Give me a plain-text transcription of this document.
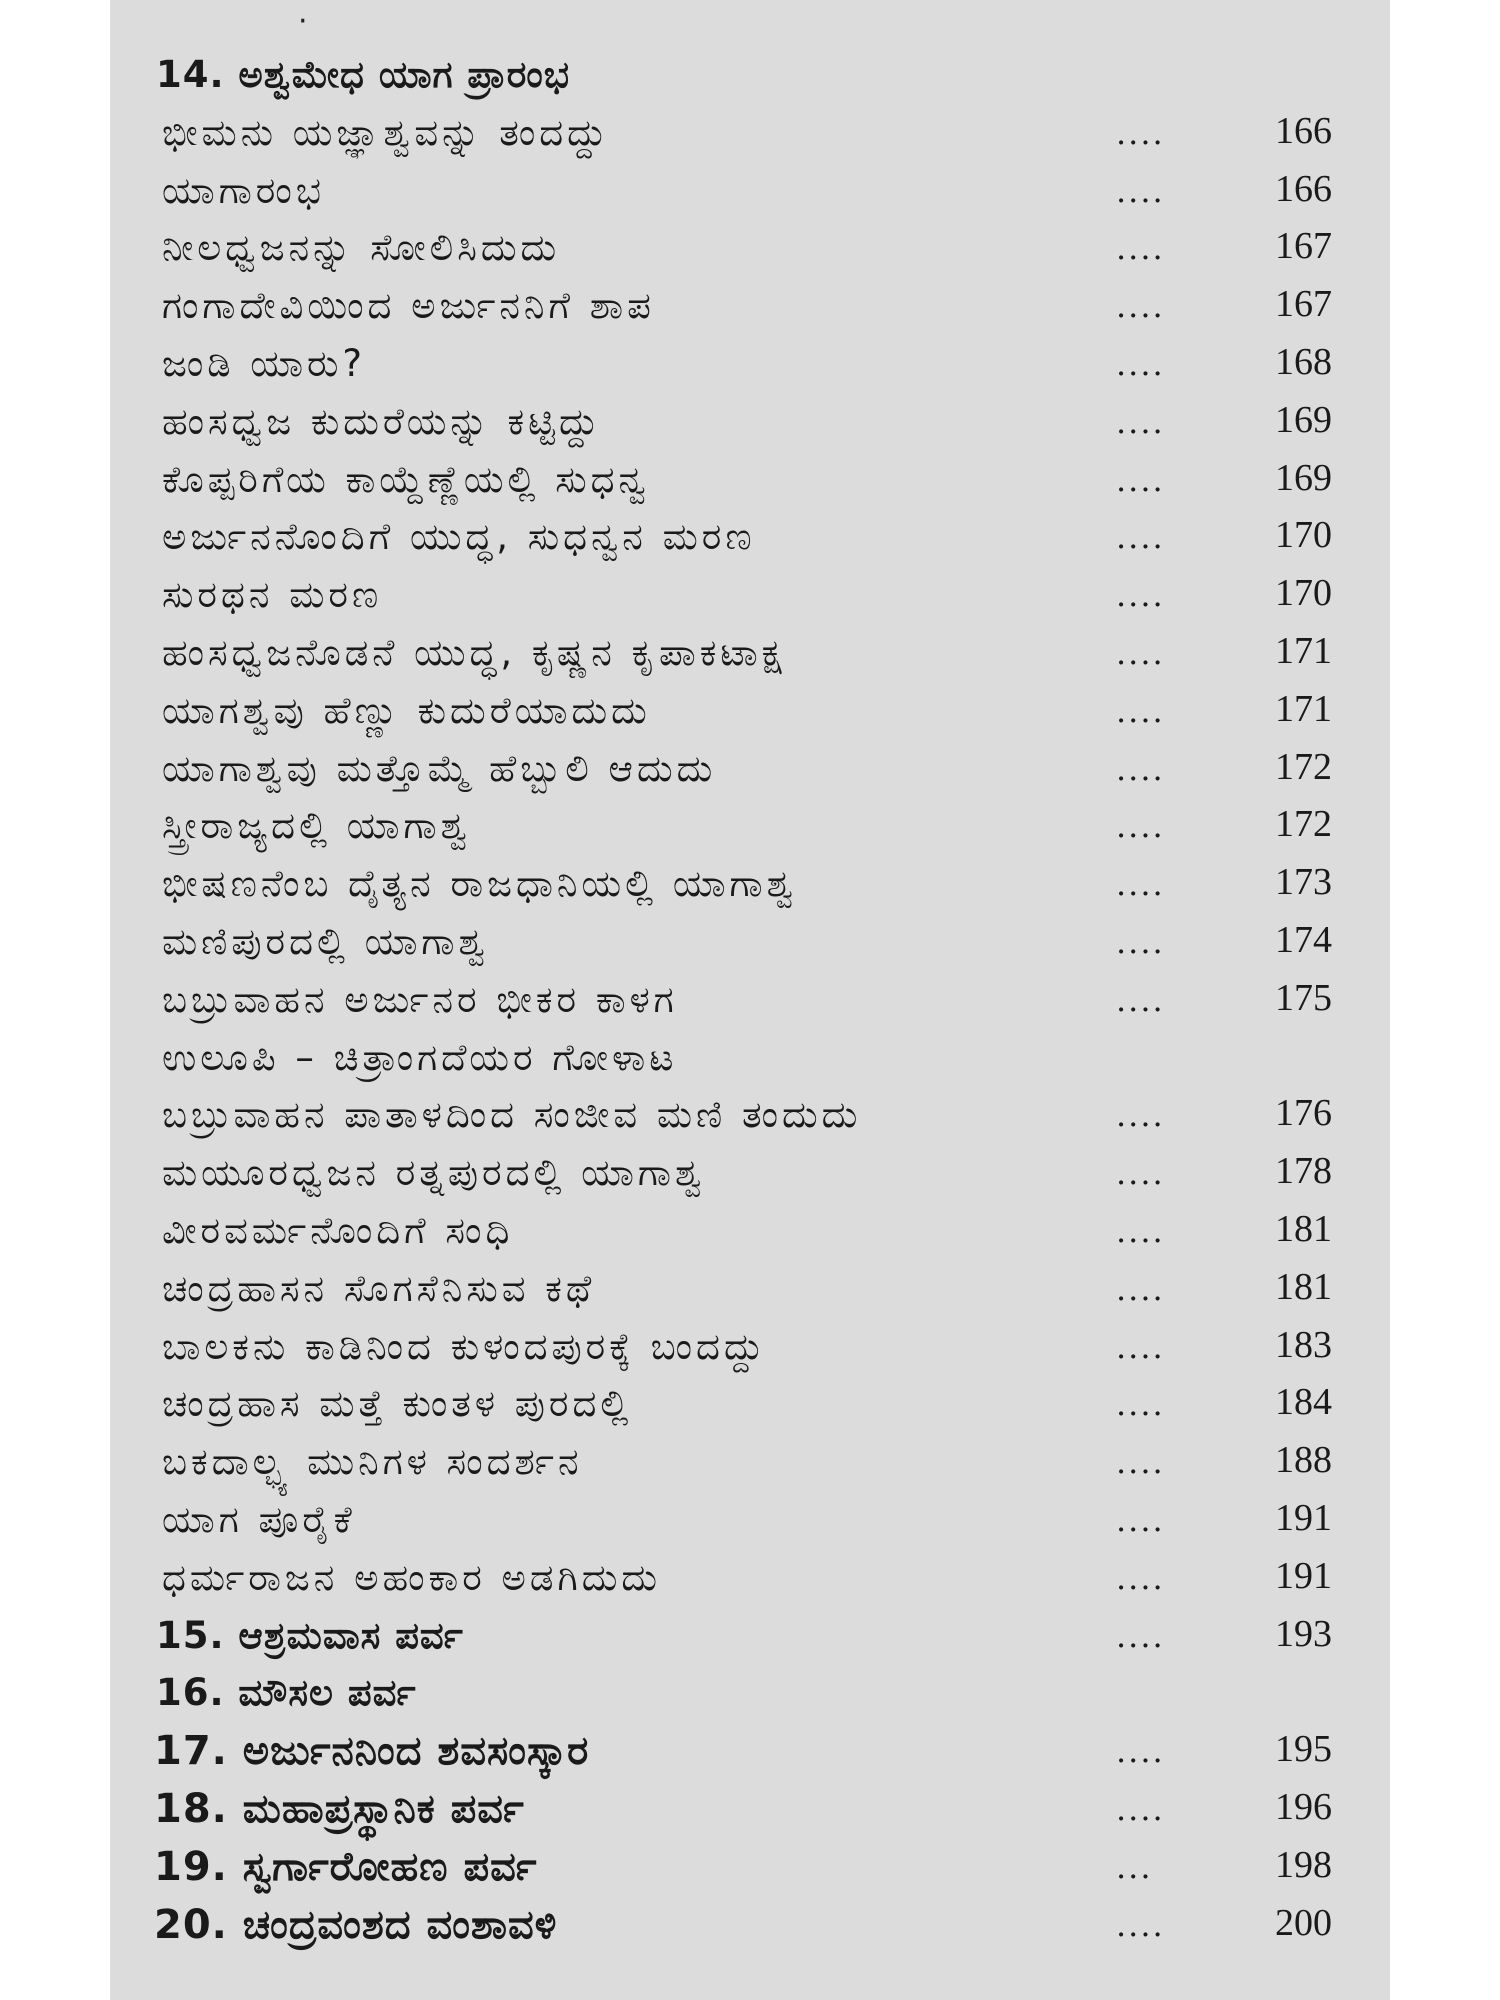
·
14. ಅಶ್ವಮೇಧ ಯಾಗ ಪ್ರಾರಂಭ
ಭೀಮನು ಯಜ್ಞಾಶ್ವವನ್ನು ತಂದದ್ದು	....	166
ಯಾಗಾರಂಭ	....	166
ನೀಲಧ್ವಜನನ್ನು ಸೋಲಿಸಿದುದು	....	167
ಗಂಗಾದೇವಿಯಿಂದ ಅರ್ಜುನನಿಗೆ ಶಾಪ	....	167
ಜಂಡಿ ಯಾರು?	....	168
ಹಂಸಧ್ವಜ ಕುದುರೆಯನ್ನು ಕಟ್ಟಿದ್ದು	....	169
ಕೊಪ್ಪರಿಗೆಯ ಕಾಯ್ದೆಣ್ಣೆಯಲ್ಲಿ ಸುಧನ್ವ	....	169
ಅರ್ಜುನನೊಂದಿಗೆ ಯುದ್ಧ, ಸುಧನ್ವನ ಮರಣ	....	170
ಸುರಥನ ಮರಣ	....	170
ಹಂಸಧ್ವಜನೊಡನೆ ಯುದ್ಧ, ಕೃಷ್ಣನ ಕೃಪಾಕಟಾಕ್ಷ	....	171
ಯಾಗಶ್ವವು ಹೆಣ್ಣು ಕುದುರೆಯಾದುದು	....	171
ಯಾಗಾಶ್ವವು ಮತ್ತೊಮ್ಮೆ ಹೆಬ್ಬುಲಿ ಆದುದು	....	172
ಸ್ತ್ರೀರಾಜ್ಯದಲ್ಲಿ ಯಾಗಾಶ್ವ	....	172
ಭೀಷಣನೆಂಬ ದೈತ್ಯನ ರಾಜಧಾನಿಯಲ್ಲಿ ಯಾಗಾಶ್ವ	....	173
ಮಣಿಪುರದಲ್ಲಿ ಯಾಗಾಶ್ವ	....	174
ಬಬ್ರುವಾಹನ ಅರ್ಜುನರ ಭೀಕರ ಕಾಳಗ	....	175
ಉಲೂಪಿ – ಚಿತ್ರಾಂಗದೆಯರ ಗೋಳಾಟ
ಬಬ್ರುವಾಹನ ಪಾತಾಳದಿಂದ ಸಂಜೀವ ಮಣಿ ತಂದುದು	....	176
ಮಯೂರಧ್ವಜನ ರತ್ನಪುರದಲ್ಲಿ ಯಾಗಾಶ್ವ	....	178
ವೀರವರ್ಮನೊಂದಿಗೆ ಸಂಧಿ	....	181
ಚಂದ್ರಹಾಸನ ಸೊಗಸೆನಿಸುವ ಕಥೆ	....	181
ಬಾಲಕನು ಕಾಡಿನಿಂದ ಕುಳಂದಪುರಕ್ಕೆ ಬಂದದ್ದು	....	183
ಚಂದ್ರಹಾಸ ಮತ್ತೆ ಕುಂತಳ ಪುರದಲ್ಲಿ	....	184
ಬಕದಾಲ್ಭ್ಯ ಮುನಿಗಳ ಸಂದರ್ಶನ	....	188
ಯಾಗ ಪೂರೈಕೆ	....	191
ಧರ್ಮರಾಜನ ಅಹಂಕಾರ ಅಡಗಿದುದು	....	191
15. ಆಶ್ರಮವಾಸ ಪರ್ವ	....	193
16. ಮೌಸಲ ಪರ್ವ
17. ಅರ್ಜುನನಿಂದ ಶವಸಂಸ್ಕಾರ	....	195
18. ಮಹಾಪ್ರಸ್ಥಾನಿಕ ಪರ್ವ	....	196
19. ಸ್ವರ್ಗಾರೋಹಣ ಪರ್ವ	...	198
20. ಚಂದ್ರವಂಶದ ವಂಶಾವಳಿ	....	200
